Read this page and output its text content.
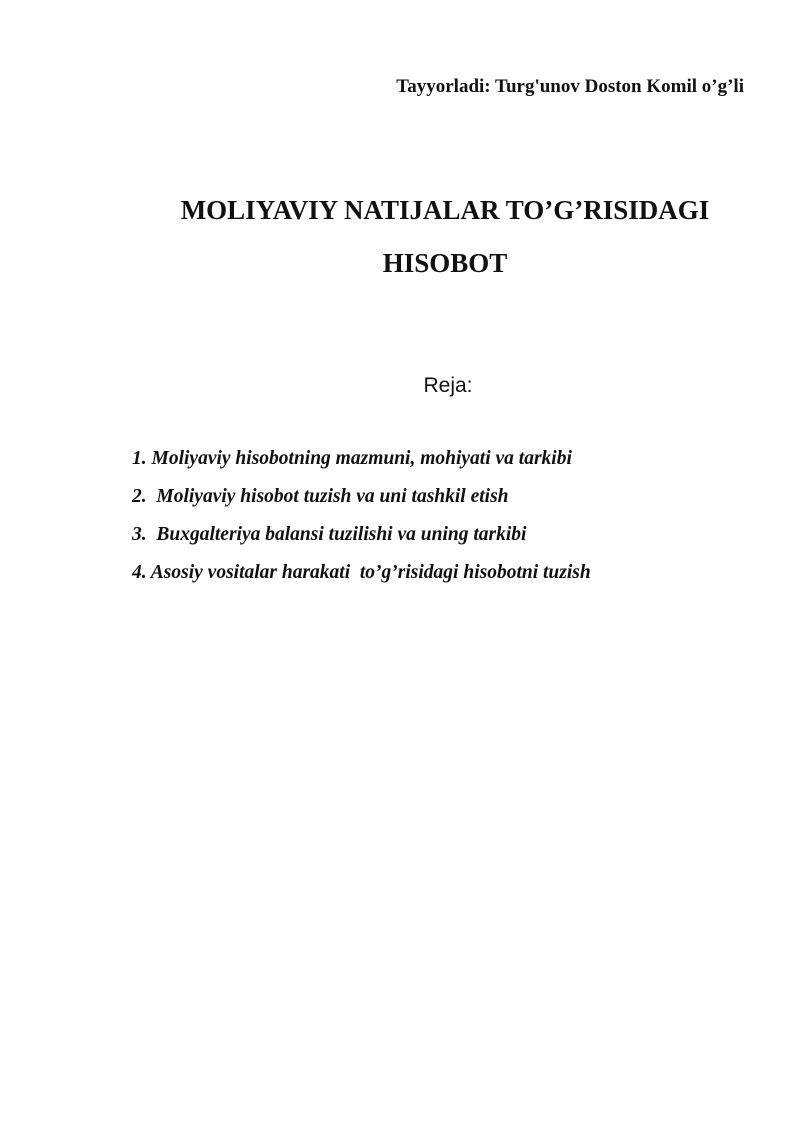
Tayyorladi: Turg'unov Doston Komil o’g’li
MOLIYAVIY NATIJALAR TO’G’RISIDAGI
HISOBOT
Reja:
1. Moliyaviy hisobotning mazmuni, mohiyati va tarkibi
2.  Moliyaviy hisobot tuzish va uni tashkil etish
3.  Buxgalteriya balansi tuzilishi va uning tarkibi
4. Asosiy vositalar harakati  to’g’risidagi hisobotni tuzish
